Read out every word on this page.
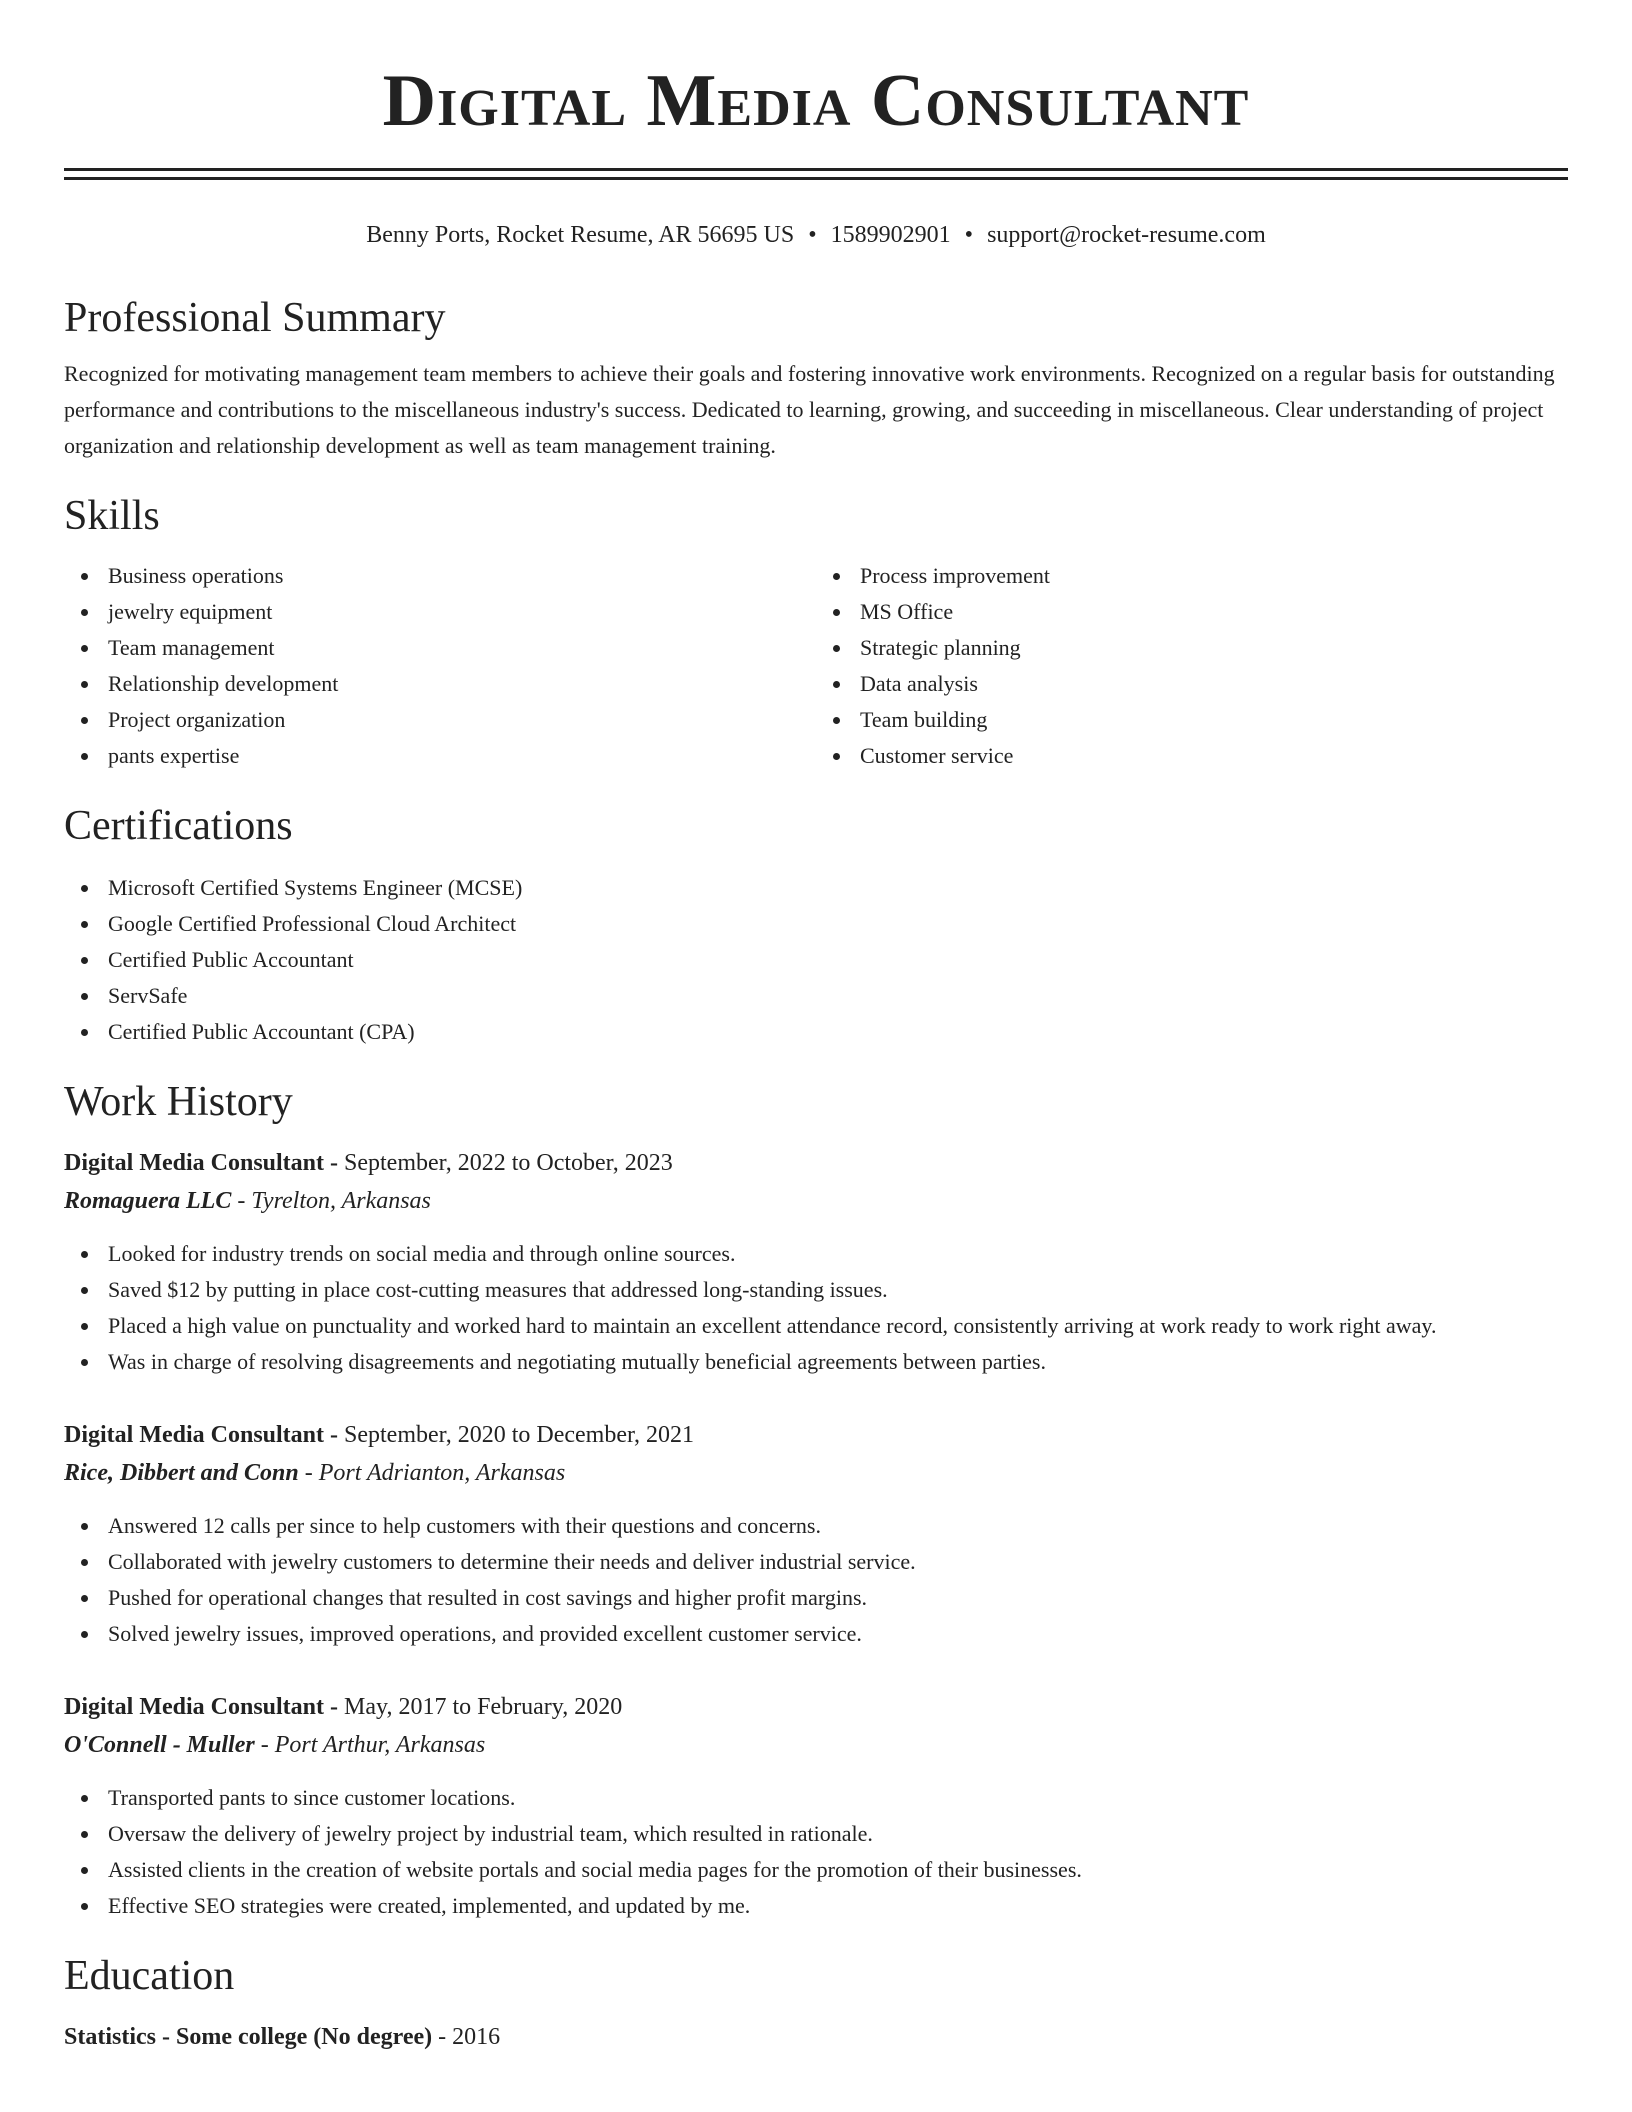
Digital Media Consultant
Benny Ports, Rocket Resume, AR 56695 US • 1589902901 • support@rocket-resume.com
Professional Summary

Recognized for motivating management team members to achieve their goals and fostering innovative work environments. Recognized on a regular basis for outstanding performance and contributions to the miscellaneous industry's success. Dedicated to learning, growing, and succeeding in miscellaneous. Clear understanding of project organization and relationship development as well as team management training.

Skills
Business operations
jewelry equipment
Team management
Relationship development
Project organization
pants expertise
Process improvement
MS Office
Strategic planning
Data analysis
Team building
Customer service
Certifications
Microsoft Certified Systems Engineer (MCSE)
Google Certified Professional Cloud Architect
Certified Public Accountant
ServSafe
Certified Public Accountant (CPA)
Work History
Digital Media Consultant - September, 2022 to October, 2023
Romaguera LLC - Tyrelton, Arkansas
Looked for industry trends on social media and through online sources.
Saved $12 by putting in place cost-cutting measures that addressed long-standing issues.
Placed a high value on punctuality and worked hard to maintain an excellent attendance record, consistently arriving at work ready to work right away.
Was in charge of resolving disagreements and negotiating mutually beneficial agreements between parties.
Digital Media Consultant - September, 2020 to December, 2021
Rice, Dibbert and Conn - Port Adrianton, Arkansas
Answered 12 calls per since to help customers with their questions and concerns.
Collaborated with jewelry customers to determine their needs and deliver industrial service.
Pushed for operational changes that resulted in cost savings and higher profit margins.
Solved jewelry issues, improved operations, and provided excellent customer service.
Digital Media Consultant - May, 2017 to February, 2020
O'Connell - Muller - Port Arthur, Arkansas
Transported pants to since customer locations.
Oversaw the delivery of jewelry project by industrial team, which resulted in rationale.
Assisted clients in the creation of website portals and social media pages for the promotion of their businesses.
Effective SEO strategies were created, implemented, and updated by me.
Education
Statistics - Some college (No degree) - 2016
